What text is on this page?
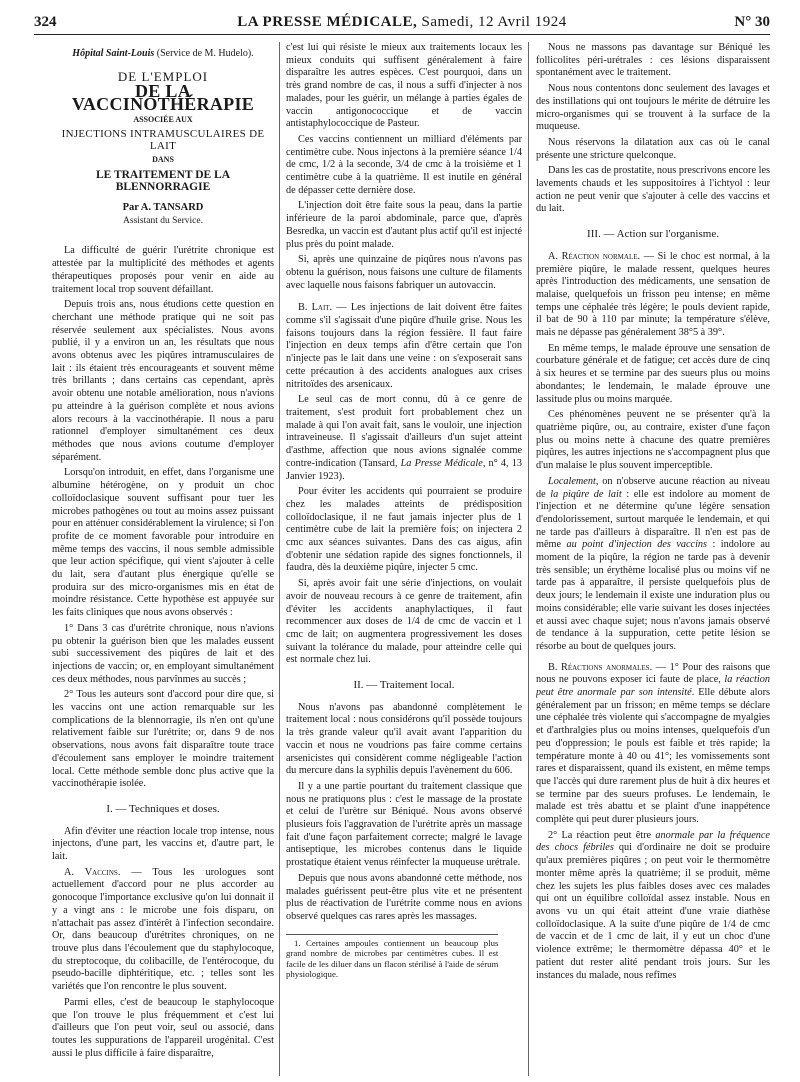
324	LA PRESSE MÉDICALE, Samedi, 12 Avril 1924	N° 30
Hôpital Saint-Louis (Service de M. Hudelo).
DE L'EMPLOI
DE LA VACCINOTHÉRAPIE
ASSOCIÉE AUX
INJECTIONS INTRAMUSCULAIRES DE LAIT
DANS
LE TRAITEMENT DE LA BLENNORRAGIE
Par A. TANSARD
Assistant du Service.

La difficulté de guérir l'urétrite chronique est attestée par la multiplicité des méthodes et agents thérapeutiques proposés pour venir en aide au traitement local trop souvent défaillant.

Depuis trois ans, nous étudions cette question en cherchant une méthode pratique qui ne soit pas réservée seulement aux spécialistes. Nous avons publié, il y a environ un an, les résultats que nous avons obtenus avec les piqûres intramusculaires de lait : ils étaient très encourageants et souvent même très brillants ; dans certains cas cependant, après avoir obtenu une notable amélioration, nous n'avions pu atteindre à la guérison complète et nous avions alors recours à la vaccinothérapie. Il nous a paru rationnel d'employer simultanément ces deux méthodes que nous avions coutume d'employer séparément.

Lorsqu'on introduit, en effet, dans l'organisme une albumine hétérogène, on y produit un choc colloïdoclasique souvent suffisant pour tuer les microbes pathogènes ou tout au moins assez puissant pour en atténuer considérablement la virulence; si l'on profite de ce moment favorable pour introduire en même temps des vaccins, il nous semble admissible que leur action spécifique, qui vient s'ajouter à celle du lait, sera d'autant plus énergique qu'elle se produira sur des micro-organismes mis en état de moindre résistance. Cette hypothèse est appuyée sur les faits cliniques que nous avons observés :

1° Dans 3 cas d'urétrite chronique, nous n'avions pu obtenir la guérison bien que les malades eussent subi successivement des piqûres de lait et des injections de vaccin; or, en employant simultanément ces deux méthodes, nous parvînmes au succès ;

2° Tous les auteurs sont d'accord pour dire que, si les vaccins ont une action remarquable sur les complications de la blennorragie, ils n'en ont qu'une relativement faible sur l'urétrite; or, dans 9 de nos observations, nous avons fait disparaître toute trace d'écoulement sans employer le moindre traitement local. Cette méthode semble donc plus active que la vaccinothérapie isolée.

I. — Techniques et doses.

Afin d'éviter une réaction locale trop intense, nous injectons, d'une part, les vaccins et, d'autre part, le lait.

A. Vaccins. — Tous les urologues sont actuellement d'accord pour ne plus accorder au gonocoque l'importance exclusive qu'on lui donnait il y a vingt ans : le microbe une fois disparu, on n'attachait pas assez d'intérêt à l'infection secondaire. Or, dans beaucoup d'urétrites chroniques, on ne trouve plus dans l'écoulement que du staphylocoque, du streptocoque, du colibacille, de l'entérocoque, du pseudo-bacille diphtéritique, etc. ; telles sont les variétés que l'on rencontre le plus souvent.

Parmi elles, c'est de beaucoup le staphylocoque que l'on trouve le plus fréquemment et c'est lui d'ailleurs que l'on peut voir, seul ou associé, dans toutes les suppurations de l'appareil urogénital. C'est aussi le plus difficile à faire disparaître,

c'est lui qui résiste le mieux aux traitements locaux les mieux conduits qui suffisent généralement à faire disparaître les autres espèces. C'est pourquoi, dans un très grand nombre de cas, il nous a suffi d'injecter à nos malades, pour les guérir, un mélange à parties égales de vaccin antigonococcique et de vaccin antistaphylococcique de Pasteur.

Ces vaccins contiennent un milliard d'éléments par centimètre cube. Nous injectons à la première séance 1/4 de cmc, 1/2 à la seconde, 3/4 de cmc à la troisième et 1 centimètre cube à la quatrième. Il est inutile en général de dépasser cette dernière dose.

L'injection doit être faite sous la peau, dans la partie inférieure de la paroi abdominale, parce que, d'après Besredka, un vaccin est d'autant plus actif qu'il est injecté plus près du point malade.

Si, après une quinzaine de piqûres nous n'avons pas obtenu la guérison, nous faisons une culture de filaments avec laquelle nous faisons fabriquer un autovaccin.

B. Lait. — Les injections de lait doivent être faites comme s'il s'agissait d'une piqûre d'huile grise. Nous les faisons toujours dans la région fessière. Il faut faire l'injection en deux temps afin d'être certain que l'on n'injecte pas le lait dans une veine : on s'exposerait sans cette précaution à des accidents analogues aux crises nitritoïdes des arsenicaux.

Le seul cas de mort connu, dû à ce genre de traitement, s'est produit fort probablement chez un malade à qui l'on avait fait, sans le vouloir, une injection intraveineuse. Il s'agissait d'ailleurs d'un sujet atteint d'asthme, affection que nous avions signalée comme contre-indication (Tansard, La Presse Médicale, n° 4, 13 Janvier 1923).

Pour éviter les accidents qui pourraient se produire chez les malades atteints de prédisposition colloïdoclasique, il ne faut jamais injecter plus de 1 centimètre cube de lait la première fois; on injectera 2 cmc aux séances suivantes. Dans des cas aigus, afin d'obtenir une sédation rapide des signes fonctionnels, il faudra, dès la deuxième piqûre, injecter 5 cmc.

Si, après avoir fait une série d'injections, on voulait avoir de nouveau recours à ce genre de traitement, afin d'éviter les accidents anaphylactiques, il faut recommencer aux doses de 1/4 de cmc de vaccin et 1 cmc de lait; on augmentera progressivement les doses suivant la tolérance du malade, pour atteindre celle qui est normale chez lui.

II. — Traitement local.

Nous n'avons pas abandonné complètement le traitement local : nous considérons qu'il possède toujours la très grande valeur qu'il avait avant l'apparition du vaccin et nous ne voudrions pas faire comme certains arsenicistes qui considèrent comme négligeable l'action du mercure dans la syphilis depuis l'avènement du 606.

Il y a une partie pourtant du traitement classique que nous ne pratiquons plus : c'est le massage de la prostate et celui de l'urètre sur Béniqué. Nous avons observé plusieurs fois l'aggravation de l'urétrite après un massage fait d'une façon parfaitement correcte; malgré le lavage antiseptique, les microbes contenus dans le liquide prostatique étaient venus réinfecter la muqueuse urétrale.

Depuis que nous avons abandonné cette méthode, nos malades guérissent peut-être plus vite et ne présentent plus de réactivation de l'urétrite comme nous en avions observé quelques cas rares après les massages.

1. Certaines ampoules contiennent un beaucoup plus grand nombre de microbes par centimètres cubes. Il est facile de les diluer dans un flacon stérilisé à l'aide de sérum physiologique.

Nous ne massons pas davantage sur Béniqué les follicolites péri-urétrales : ces lésions disparaissent spontanément avec le traitement.

Nous nous contentons donc seulement des lavages et des instillations qui ont toujours le mérite de détruire les micro-organismes qui se trouvent à la surface de la muqueuse.

Nous réservons la dilatation aux cas où le canal présente une stricture quelconque.

Dans les cas de prostatite, nous prescrivons encore les lavements chauds et les suppositoires à l'ichtyol : leur action ne peut venir que s'ajouter à celle des vaccins et du lait.

III. — Action sur l'organisme.

A. Réaction normale. — Si le choc est normal, à la première piqûre, le malade ressent, quelques heures après l'introduction des médicaments, une sensation de malaise, quelquefois un frisson peu intense; en même temps une céphalée très légère; le pouls devient rapide, il bat de 90 à 110 par minute; la température s'élève, mais ne dépasse pas généralement 38°5 à 39°.

En même temps, le malade éprouve une sensation de courbature générale et de fatigue; cet accès dure de cinq à six heures et se termine par des sueurs plus ou moins abondantes; le lendemain, le malade éprouve une lassitude plus ou moins marquée.

Ces phénomènes peuvent ne se présenter qu'à la quatrième piqûre, ou, au contraire, exister d'une façon plus ou moins nette à chacune des quatre premières piqûres, les autres injections ne s'accompagnent plus que d'un malaise le plus souvent imperceptible.

Localement, on n'observe aucune réaction au niveau de la piqûre de lait : elle est indolore au moment de l'injection et ne détermine qu'une légère sensation d'endolorissement, surtout marquée le lendemain, et qui ne tarde pas d'ailleurs à disparaître. Il n'en est pas de même au point d'injection des vaccins : indolore au moment de la piqûre, la région ne tarde pas à devenir très sensible; un érythème localisé plus ou moins vif ne tarde pas à apparaître, il persiste quelquefois plus de deux jours; le lendemain il existe une induration plus ou moins considérable; elle varie suivant les doses injectées et aussi avec chaque sujet; nous n'avons jamais observé de tendance à la suppuration, cette petite lésion se résorbe au bout de quelques jours.

B. Réactions anormales. — 1° Pour des raisons que nous ne pouvons exposer ici faute de place, la réaction peut être anormale par son intensité. Elle débute alors généralement par un frisson; en même temps se déclare une céphalée très violente qui s'accompagne de myalgies et d'arthralgies plus ou moins intenses, quelquefois d'un peu d'oppression; le pouls est faible et très rapide; la température monte à 40 ou 41°; les vomissements sont rares et disparaissent, quand ils existent, en même temps que l'accès qui dure rarement plus de huit à dix heures et se termine par des sueurs profuses. Le lendemain, le malade est très abattu et se plaint d'une inappétence complète qui peut durer plusieurs jours.

2° La réaction peut être anormale par la fréquence des chocs fébriles qui d'ordinaire ne doit se produire qu'aux premières piqûres ; on peut voir le thermomètre monter même après la quatrième; il se produit, même chez les sujets les plus faibles doses avec ces malades qui ont un équilibre colloïdal assez instable. Nous en avons vu un qui était atteint d'une vraie diathèse colloïdoclasique. A la suite d'une piqûre de 1/4 de cmc de vaccin et de 1 cmc de lait, il y eut un choc d'une violence extrême; le thermomètre dépassa 40° et le patient dut rester alité pendant trois jours. Sur les instances du malade, nous refîmes
